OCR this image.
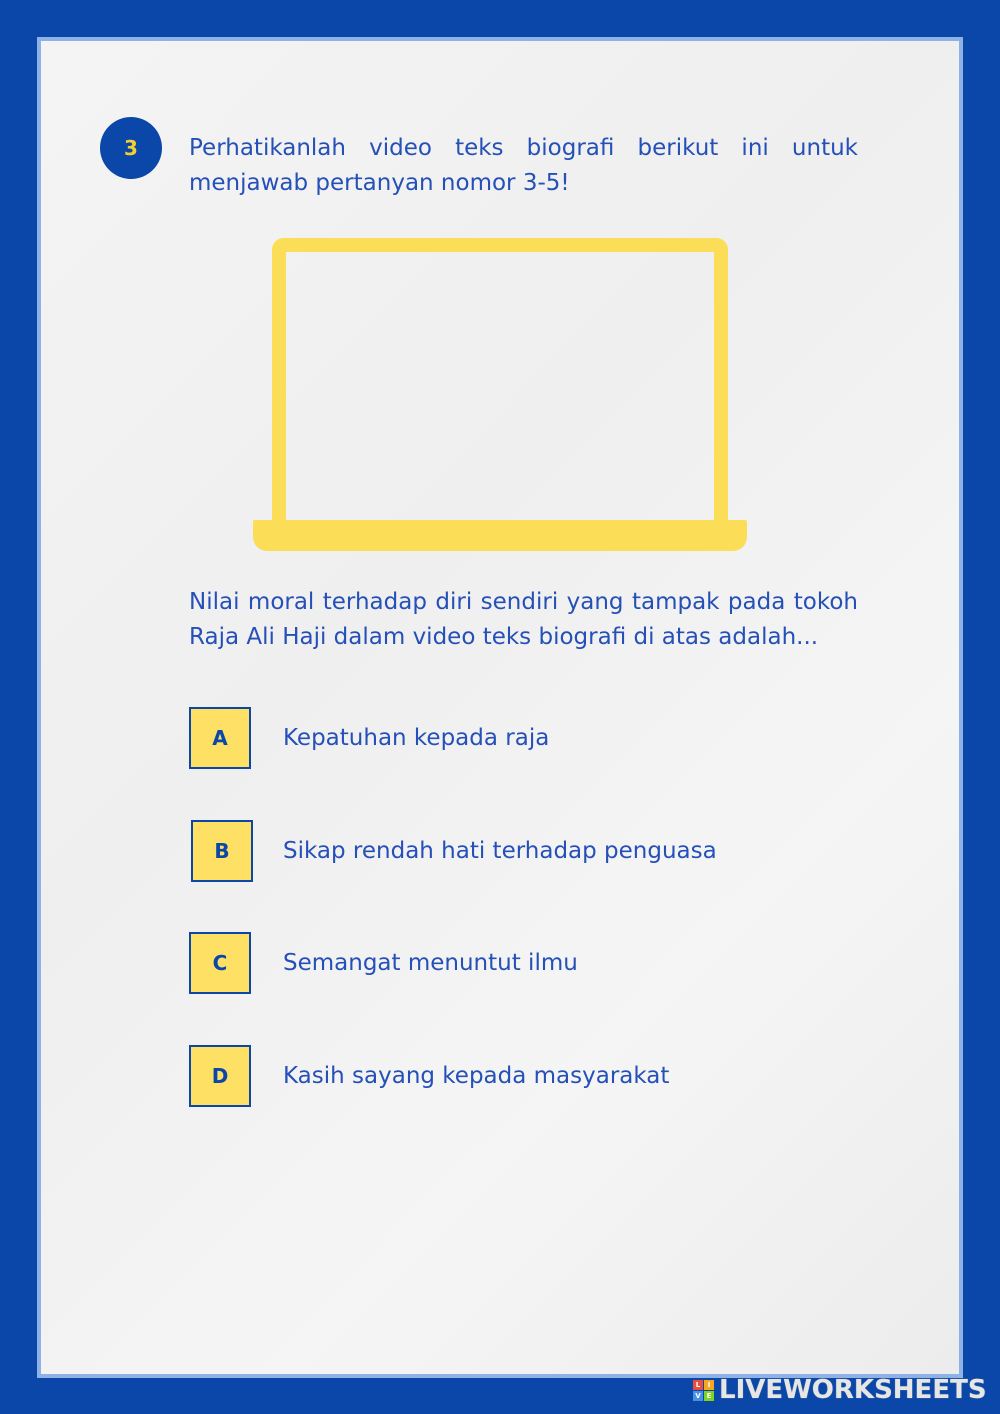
3	Perhatikanlah video teks biografi berikut ini untuk menjawab pertanyan nomor 3-5!

Nilai moral terhadap diri sendiri yang tampak pada tokoh Raja Ali Haji dalam video teks biografi di atas adalah...

A	Kepatuhan kepada raja
B	Sikap rendah hati terhadap penguasa
C	Semangat menuntut ilmu
D	Kasih sayang kepada masyarakat
L	I
V E LIVEWORKSHEETS
